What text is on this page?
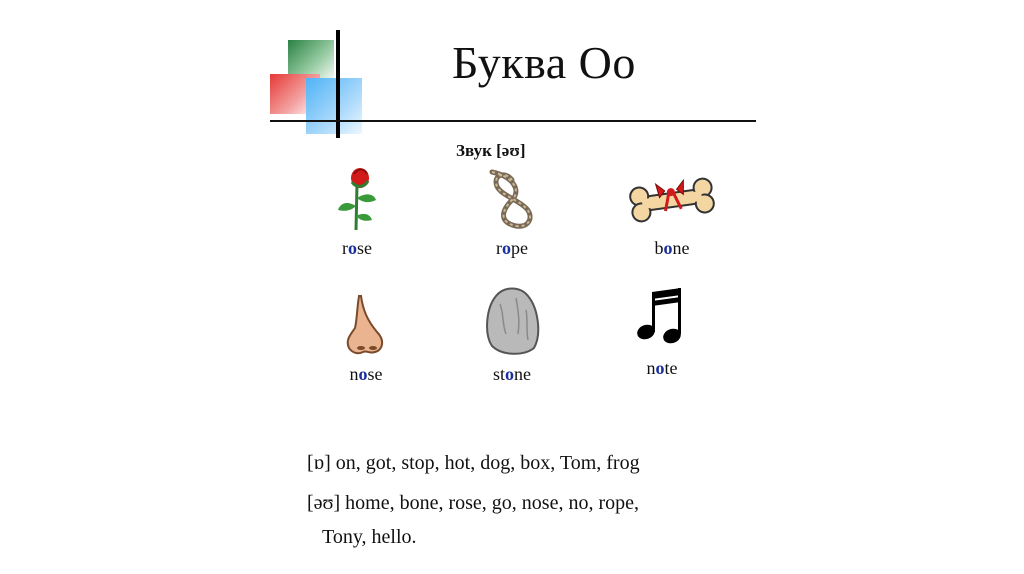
Буква Оо
Звук [əʊ]
rose	rope	bone
nose	stone	note
[ɒ] on, got, stop, hot, dog, box, Tom, frog
[əʊ] home, bone, rose, go, nose, no, rope,
Tony, hello.
